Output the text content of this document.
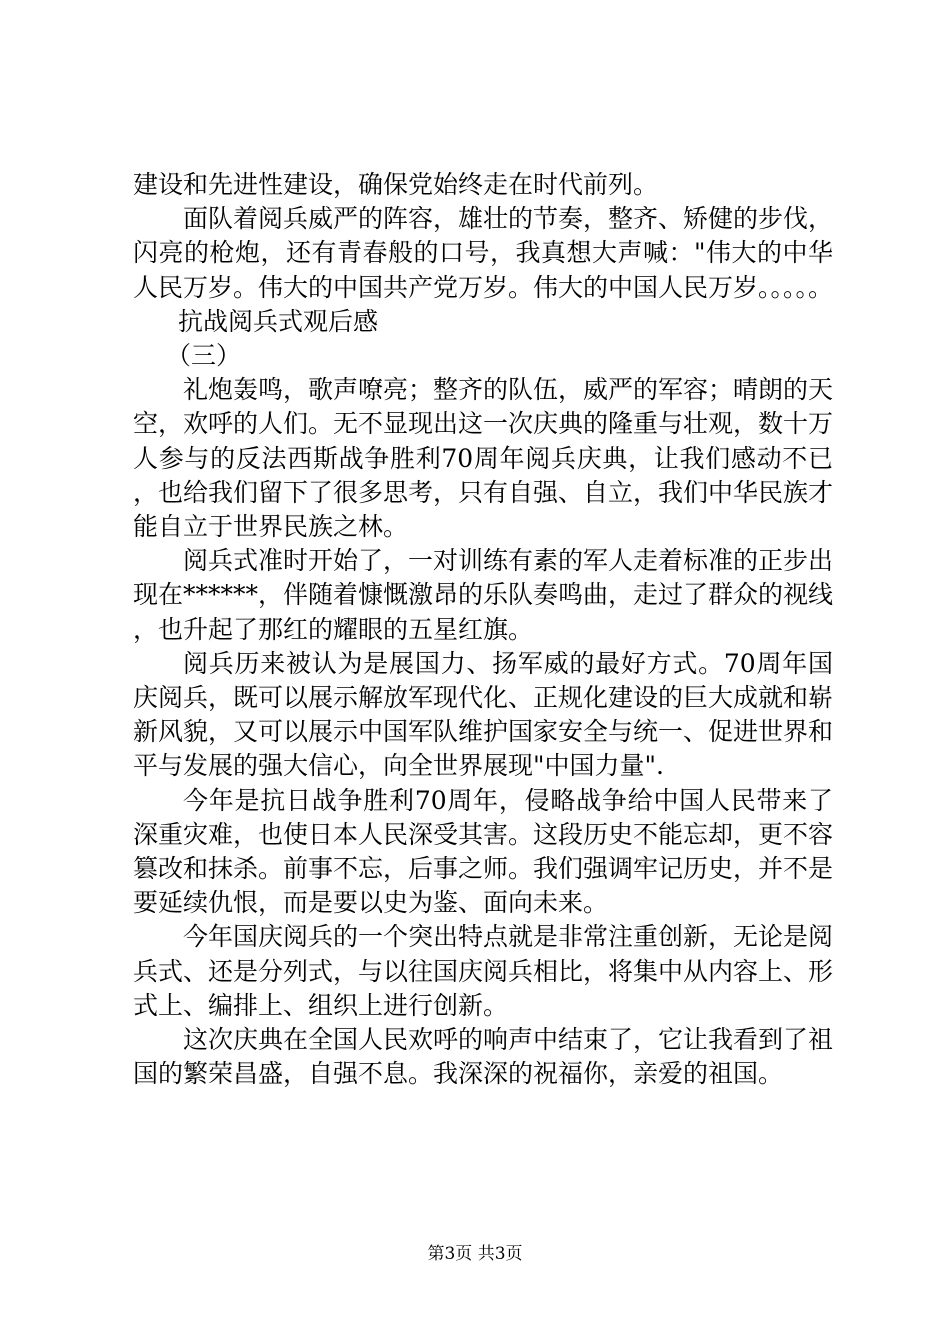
建设和先进性建设，确保党始终走在时代前列。

面队着阅兵威严的阵容，雄壮的节奏，整齐、矫健的步伐，闪亮的枪炮，还有青春般的口号，我真想大声喊："伟大的中华人民万岁。伟大的中国共产党万岁。伟大的中国人民万岁。。。。。

抗战阅兵式观后感

（三）

礼炮轰鸣，歌声嘹亮；整齐的队伍，威严的军容；晴朗的天空，欢呼的人们。无不显现出这一次庆典的隆重与壮观，数十万人参与的反法西斯战争胜利70周年阅兵庆典，让我们感动不已，也给我们留下了很多思考，只有自强、自立，我们中华民族才能自立于世界民族之林。

阅兵式准时开始了，一对训练有素的军人走着标准的正步出现在******，伴随着慷慨激昂的乐队奏鸣曲，走过了群众的视线，也升起了那红的耀眼的五星红旗。

阅兵历来被认为是展国力、扬军威的最好方式。70周年国庆阅兵，既可以展示解放军现代化、正规化建设的巨大成就和崭新风貌，又可以展示中国军队维护国家安全与统一、促进世界和平与发展的强大信心，向全世界展现"中国力量".

今年是抗日战争胜利70周年，侵略战争给中国人民带来了深重灾难，也使日本人民深受其害。这段历史不能忘却，更不容篡改和抹杀。前事不忘，后事之师。我们强调牢记历史，并不是要延续仇恨，而是要以史为鉴、面向未来。

今年国庆阅兵的一个突出特点就是非常注重创新，无论是阅兵式、还是分列式，与以往国庆阅兵相比，将集中从内容上、形式上、编排上、组织上进行创新。

这次庆典在全国人民欢呼的响声中结束了，它让我看到了祖国的繁荣昌盛，自强不息。我深深的祝福你，亲爱的祖国。

第3页 共3页
